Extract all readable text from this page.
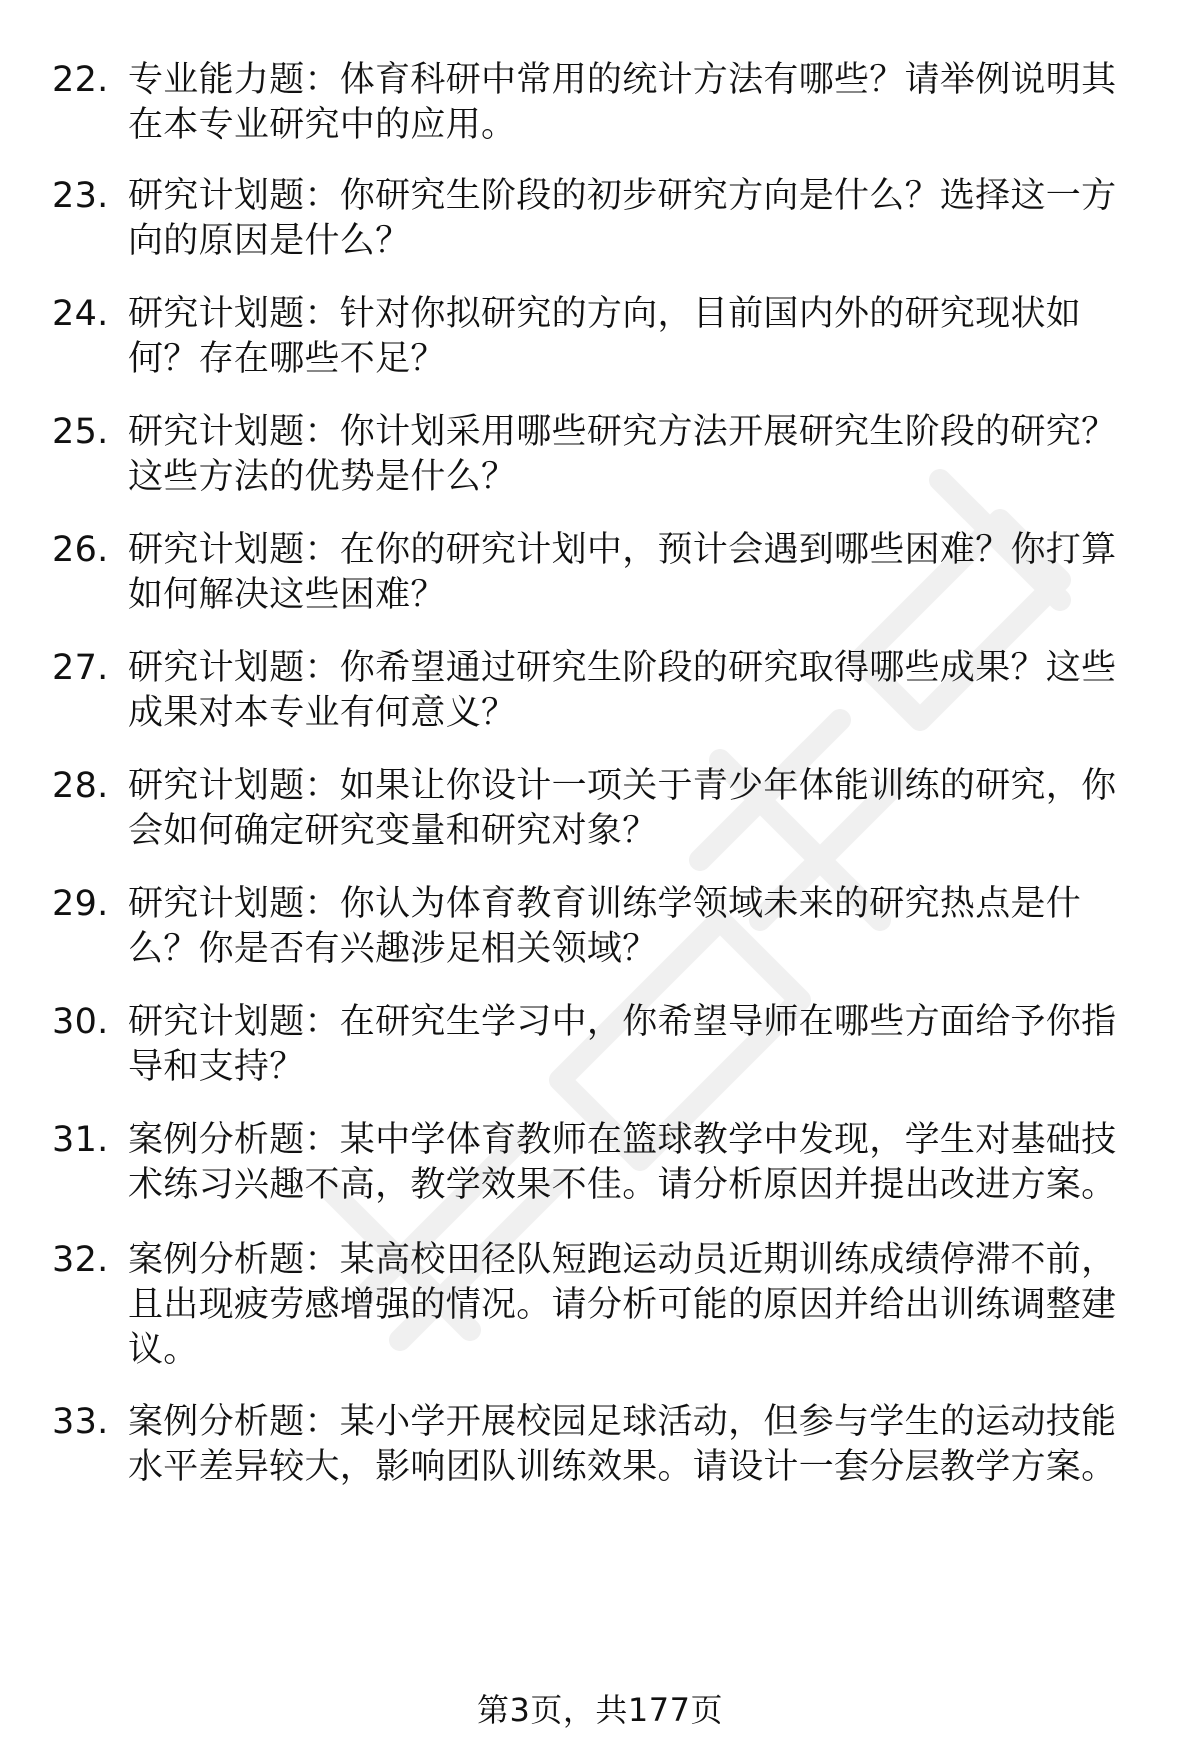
22. 专业能力题：体育科研中常用的统计方法有哪些？请举例说明其
在本专业研究中的应用。
23. 研究计划题：你研究生阶段的初步研究方向是什么？选择这一方
向的原因是什么？
24. 研究计划题：针对你拟研究的方向，目前国内外的研究现状如
何？存在哪些不足？
25. 研究计划题：你计划采用哪些研究方法开展研究生阶段的研究？
这些方法的优势是什么？
26. 研究计划题：在你的研究计划中，预计会遇到哪些困难？你打算
如何解决这些困难？
27. 研究计划题：你希望通过研究生阶段的研究取得哪些成果？这些
成果对本专业有何意义？
28. 研究计划题：如果让你设计一项关于青少年体能训练的研究，你
会如何确定研究变量和研究对象？
29. 研究计划题：你认为体育教育训练学领域未来的研究热点是什
么？你是否有兴趣涉足相关领域？
30. 研究计划题：在研究生学习中，你希望导师在哪些方面给予你指
导和支持？
31. 案例分析题：某中学体育教师在篮球教学中发现，学生对基础技
术练习兴趣不高，教学效果不佳。请分析原因并提出改进方案。
32. 案例分析题：某高校田径队短跑运动员近期训练成绩停滞不前，
且出现疲劳感增强的情况。请分析可能的原因并给出训练调整建
议。
33. 案例分析题：某小学开展校园足球活动，但参与学生的运动技能
水平差异较大，影响团队训练效果。请设计一套分层教学方案。
第3页，共177页
